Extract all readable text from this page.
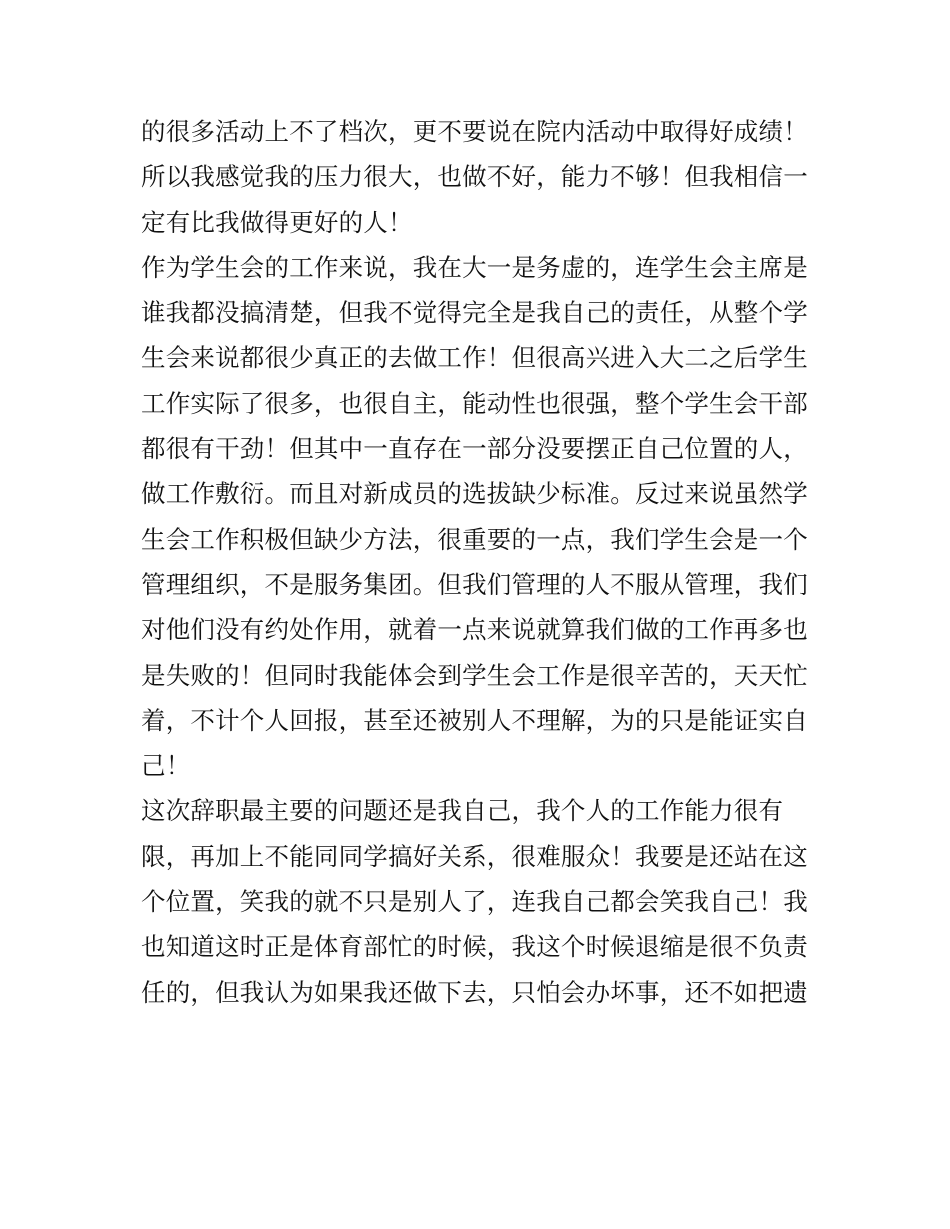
的很多活动上不了档次，更不要说在院内活动中取得好成绩！
所以我感觉我的压力很大，也做不好，能力不够！但我相信一
定有比我做得更好的人！
作为学生会的工作来说，我在大一是务虚的，连学生会主席是
谁我都没搞清楚，但我不觉得完全是我自己的责任，从整个学
生会来说都很少真正的去做工作！但很高兴进入大二之后学生
工作实际了很多，也很自主，能动性也很强，整个学生会干部
都很有干劲！但其中一直存在一部分没要摆正自己位置的人，
做工作敷衍。而且对新成员的选拔缺少标准。反过来说虽然学
生会工作积极但缺少方法，很重要的一点，我们学生会是一个
管理组织，不是服务集团。但我们管理的人不服从管理，我们
对他们没有约处作用，就着一点来说就算我们做的工作再多也
是失败的！但同时我能体会到学生会工作是很辛苦的，天天忙
着，不计个人回报，甚至还被别人不理解，为的只是能证实自
己！
这次辞职最主要的问题还是我自己，我个人的工作能力很有
限，再加上不能同同学搞好关系，很难服众！我要是还站在这
个位置，笑我的就不只是别人了，连我自己都会笑我自己！我
也知道这时正是体育部忙的时候，我这个时候退缩是很不负责
任的，但我认为如果我还做下去，只怕会办坏事，还不如把遗
